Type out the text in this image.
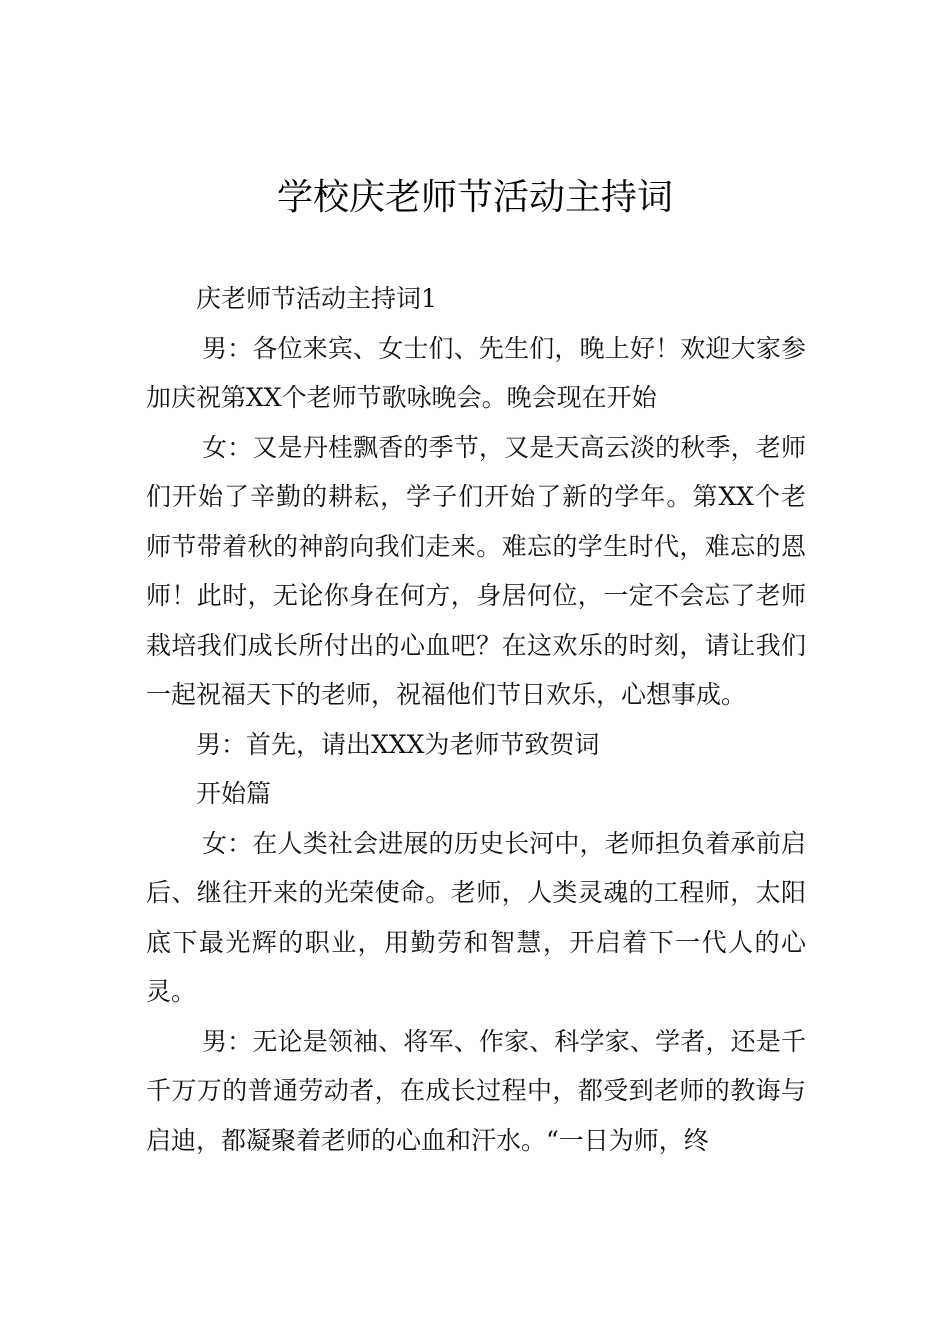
学校庆老师节活动主持词

庆老师节活动主持词1

男：各位来宾、女士们、先生们，晚上好！欢迎大家参加庆祝第XX个老师节歌咏晚会。晚会现在开始

女：又是丹桂飘香的季节，又是天高云淡的秋季，老师们开始了辛勤的耕耘，学子们开始了新的学年。第XX个老师节带着秋的神韵向我们走来。难忘的学生时代，难忘的恩师！此时，无论你身在何方，身居何位，一定不会忘了老师栽培我们成长所付出的心血吧？在这欢乐的时刻，请让我们一起祝福天下的老师，祝福他们节日欢乐，心想事成。

男：首先，请出XXX为老师节致贺词

开始篇

女：在人类社会进展的历史长河中，老师担负着承前启后、继往开来的光荣使命。老师，人类灵魂的工程师，太阳底下最光辉的职业，用勤劳和智慧，开启着下一代人的心灵。

男：无论是领袖、将军、作家、科学家、学者，还是千千万万的普通劳动者，在成长过程中，都受到老师的教诲与启迪，都凝聚着老师的心血和汗水。“一日为师，终
